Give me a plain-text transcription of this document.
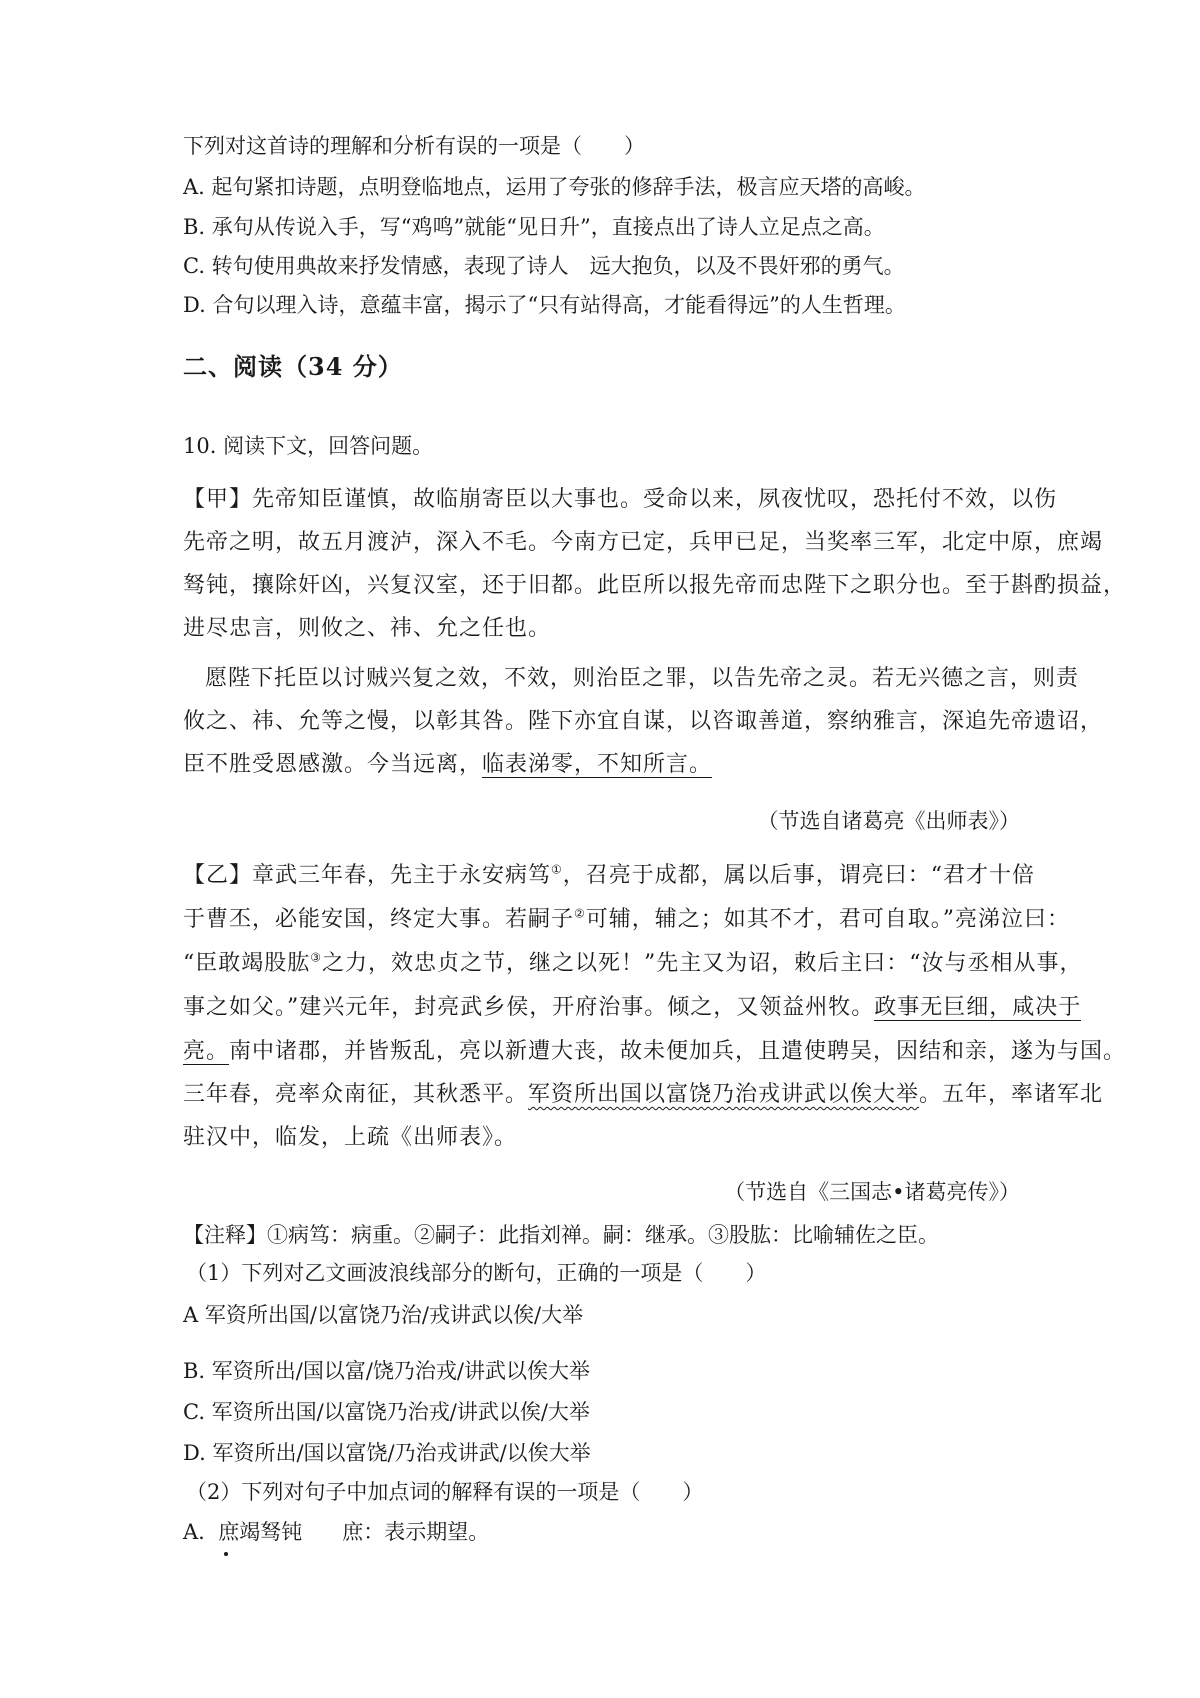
下列对这首诗的理解和分析有误的一项是（　　）
A. 起句紧扣诗题，点明登临地点，运用了夸张的修辞手法，极言应天塔的高峻。
B. 承句从传说入手，写“鸡鸣”就能“见日升”，直接点出了诗人立足点之高。
C. 转句使用典故来抒发情感，表现了诗人　远大抱负，以及不畏奸邪的勇气。
D. 合句以理入诗，意蕴丰富，揭示了“只有站得高，才能看得远”的人生哲理。
二、阅读（34 分）
10. 阅读下文，回答问题。
【甲】先帝知臣谨慎，故临崩寄臣以大事也。受命以来，夙夜忧叹，恐托付不效，以伤
先帝之明，故五月渡泸，深入不毛。今南方已定，兵甲已足，当奖率三军，北定中原，庶竭
驽钝，攘除奸凶，兴复汉室，还于旧都。此臣所以报先帝而忠陛下之职分也。至于斟酌损益，
进尽忠言，则攸之、祎、允之任也。
愿陛下托臣以讨贼兴复之效，不效，则治臣之罪，以告先帝之灵。若无兴德之言，则责
攸之、祎、允等之慢，以彰其咎。陛下亦宜自谋，以咨诹善道，察纳雅言，深追先帝遗诏，
臣不胜受恩感激。今当远离，临表涕零，不知所言。
（节选自诸葛亮《出师表》）
【乙】章武三年春，先主于永安病笃①，召亮于成都，属以后事，谓亮曰：“君才十倍
于曹丕，必能安国，终定大事。若嗣子②可辅，辅之；如其不才，君可自取。”亮涕泣曰：
“臣敢竭股肱③之力，效忠贞之节，继之以死！”先主又为诏，敕后主曰：“汝与丞相从事，
事之如父。”建兴元年，封亮武乡侯，开府治事。倾之，又领益州牧。政事无巨细，咸决于
亮。南中诸郡，并皆叛乱，亮以新遭大丧，故未便加兵，且遣使聘吴，因结和亲，遂为与国。
三年春，亮率众南征，其秋悉平。军资所出国以富饶乃治戎讲武以俟大举。五年，率诸军北
驻汉中，临发，上疏《出师表》。
（节选自《三国志•诸葛亮传》）
【注释】①病笃：病重。②嗣子：此指刘禅。嗣：继承。③股肱：比喻辅佐之臣。
（1）下列对乙文画波浪线部分的断句，正确的一项是（　　）
A 军资所出国/以富饶乃治/戎讲武以俟/大举
B. 军资所出/国以富/饶乃治戎/讲武以俟大举
C. 军资所出国/以富饶乃治戎/讲武以俟/大举
D. 军资所出/国以富饶/乃治戎讲武/以俟大举
（2）下列对句子中加点词的解释有误的一项是（　　）
A. 庶竭驽钝 庶：表示期望。
